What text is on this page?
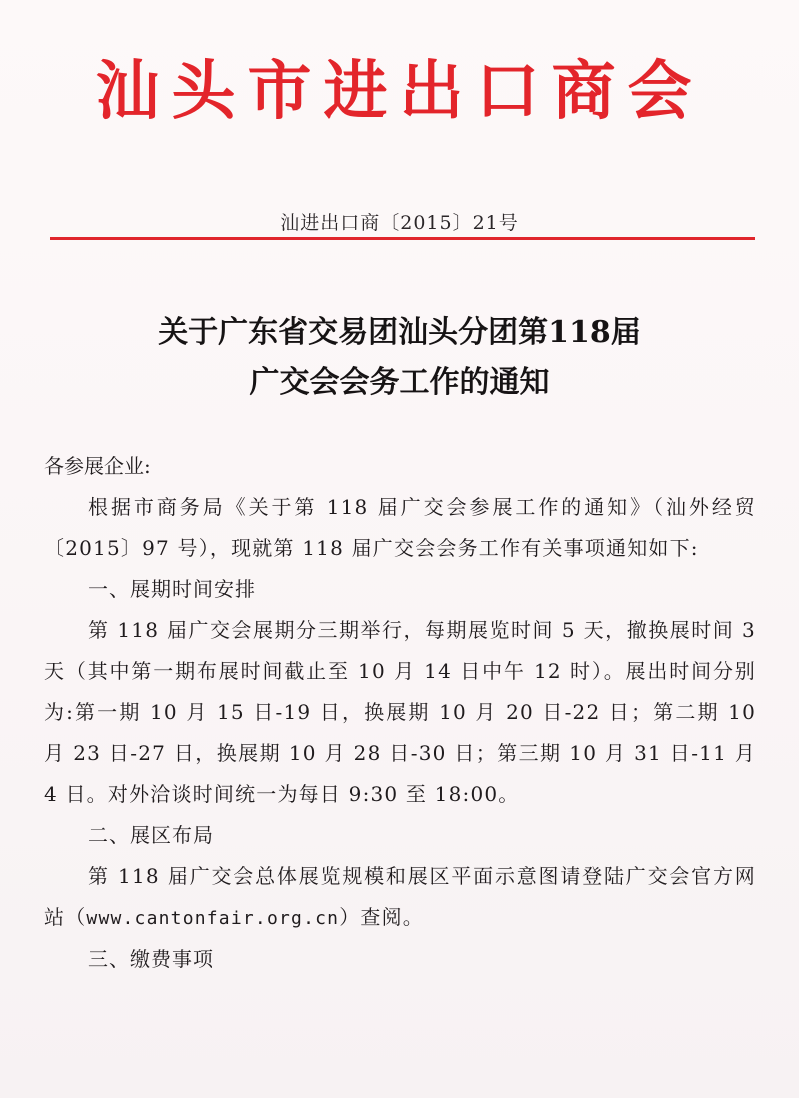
汕头市进出口商会
汕进出口商〔2015〕21号
关于广东省交易团汕头分团第118届
广交会会务工作的通知

各参展企业:

根据市商务局《关于第 118 届广交会参展工作的通知》（汕外经贸〔2015〕97 号），现就第 118 届广交会会务工作有关事项通知如下:

一、展期时间安排

第 118 届广交会展期分三期举行，每期展览时间 5 天，撤换展时间 3 天（其中第一期布展时间截止至 10 月 14 日中午 12 时）。展出时间分别为:第一期 10 月 15 日-19 日，换展期 10 月 20 日-22 日；第二期 10 月 23 日-27 日，换展期 10 月 28 日-30 日；第三期 10 月 31 日-11 月 4 日。对外洽谈时间统一为每日 9:30 至 18:00。

二、展区布局

第 118 届广交会总体展览规模和展区平面示意图请登陆广交会官方网站（www.cantonfair.org.cn）查阅。

三、缴费事项
